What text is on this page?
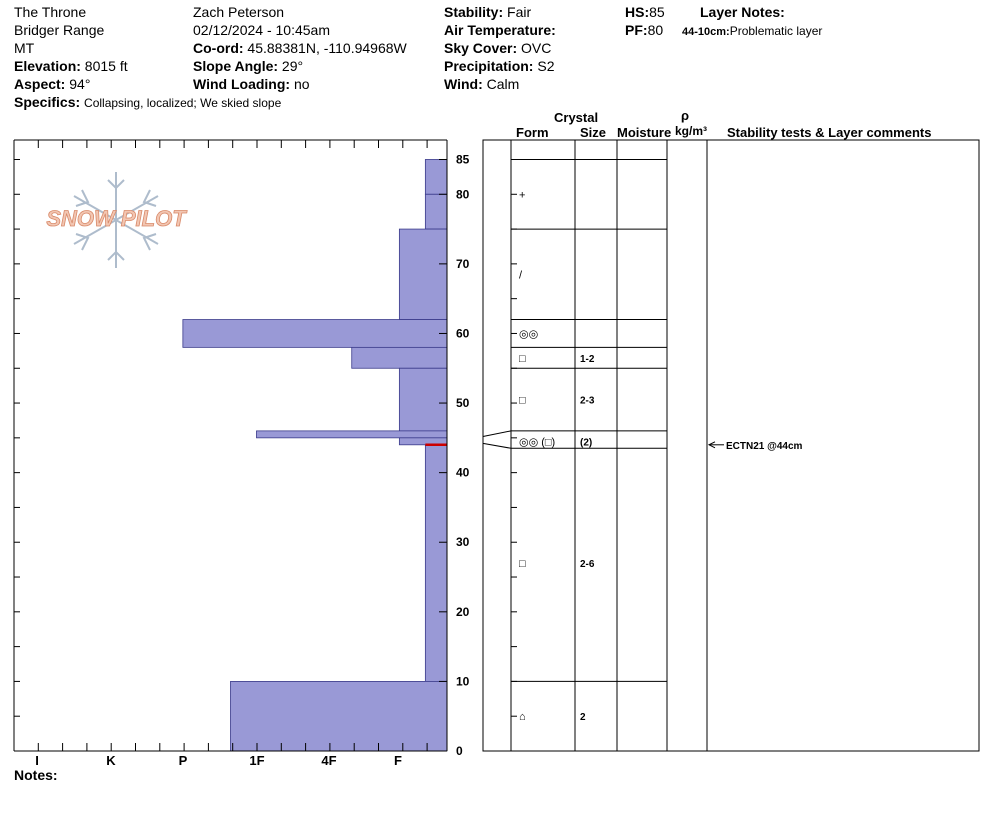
The Throne
Bridger Range
MT
Elevation: 8015 ft
Aspect: 94°
Specifics: Collapsing, localized; We skied slope
Zach Peterson
02/12/2024 - 10:45am
Co-ord: 45.88381N, -110.94968W
Slope Angle: 29°
Wind Loading: no
Stability: Fair
Air Temperature:
Sky Cover: OVC
Precipitation: S2
Wind: Calm
HS:85
PF:80
Layer Notes:
44-10cm:Problematic layer
Crystal
Form Size Moisture
ρ
kg/m³ Stability tests & Layer comments
SNOW PILOT
I	K	P	1F	4F	F
0
10
20
30
40
50
60
70
80
85
+
/
◎◎
□	1-2
□	2-3
◎◎ (□) (2)
□	2-6
⌂	2
ECTN21 @44cm
Notes:
